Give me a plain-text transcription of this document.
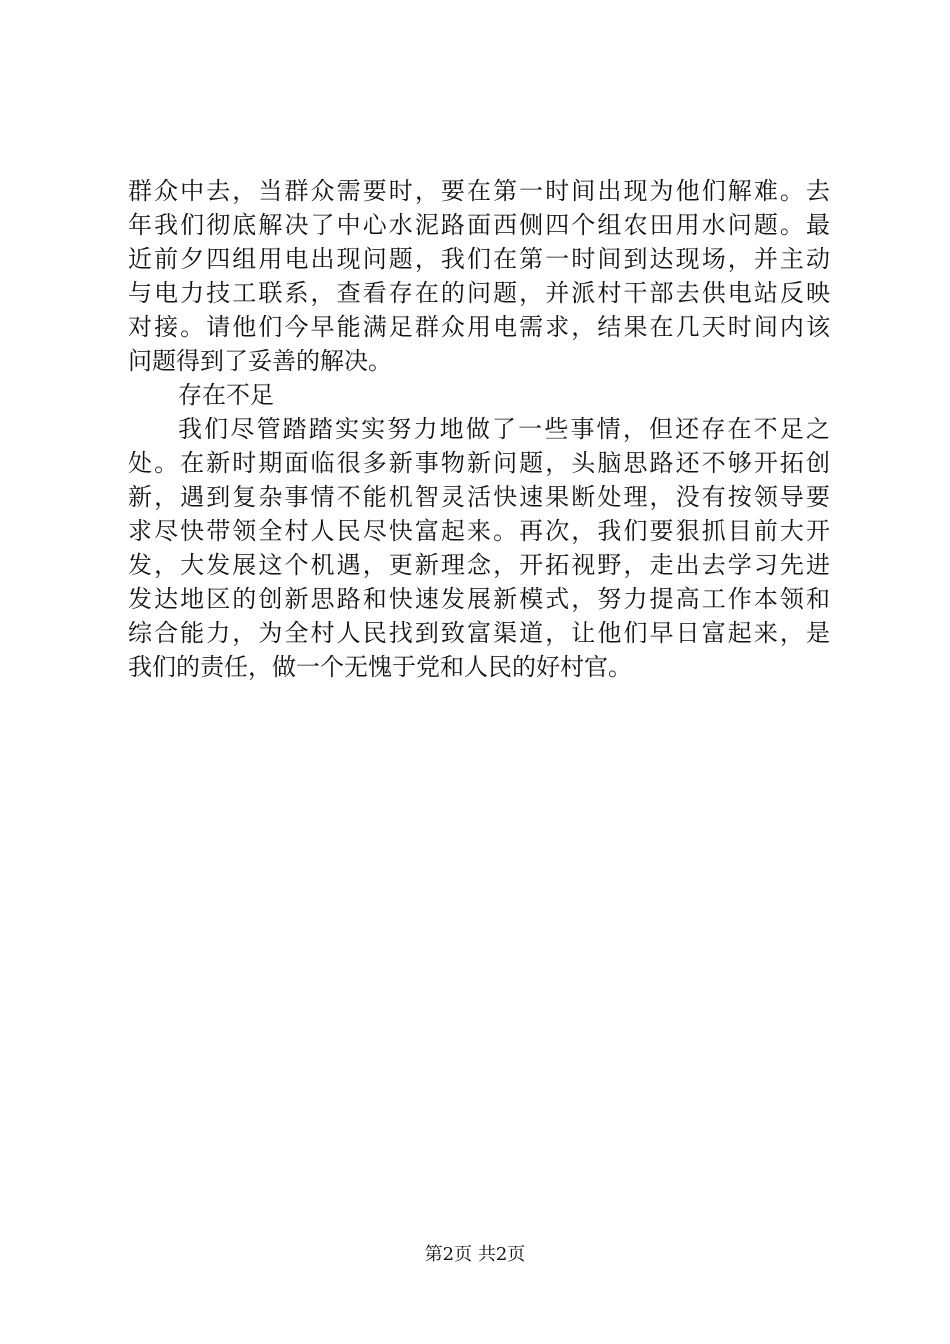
群众中去，当群众需要时，要在第一时间出现为他们解难。去
年我们彻底解决了中心水泥路面西侧四个组农田用水问题。最
近前夕四组用电出现问题，我们在第一时间到达现场，并主动
与电力技工联系，查看存在的问题，并派村干部去供电站反映
对接。请他们今早能满足群众用电需求，结果在几天时间内该
问题得到了妥善的解决。
存在不足
我们尽管踏踏实实努力地做了一些事情，但还存在不足之
处。在新时期面临很多新事物新问题，头脑思路还不够开拓创
新，遇到复杂事情不能机智灵活快速果断处理，没有按领导要
求尽快带领全村人民尽快富起来。再次，我们要狠抓目前大开
发，大发展这个机遇，更新理念，开拓视野，走出去学习先进
发达地区的创新思路和快速发展新模式，努力提高工作本领和
综合能力，为全村人民找到致富渠道，让他们早日富起来，是
我们的责任，做一个无愧于党和人民的好村官。
第2页 共2页
